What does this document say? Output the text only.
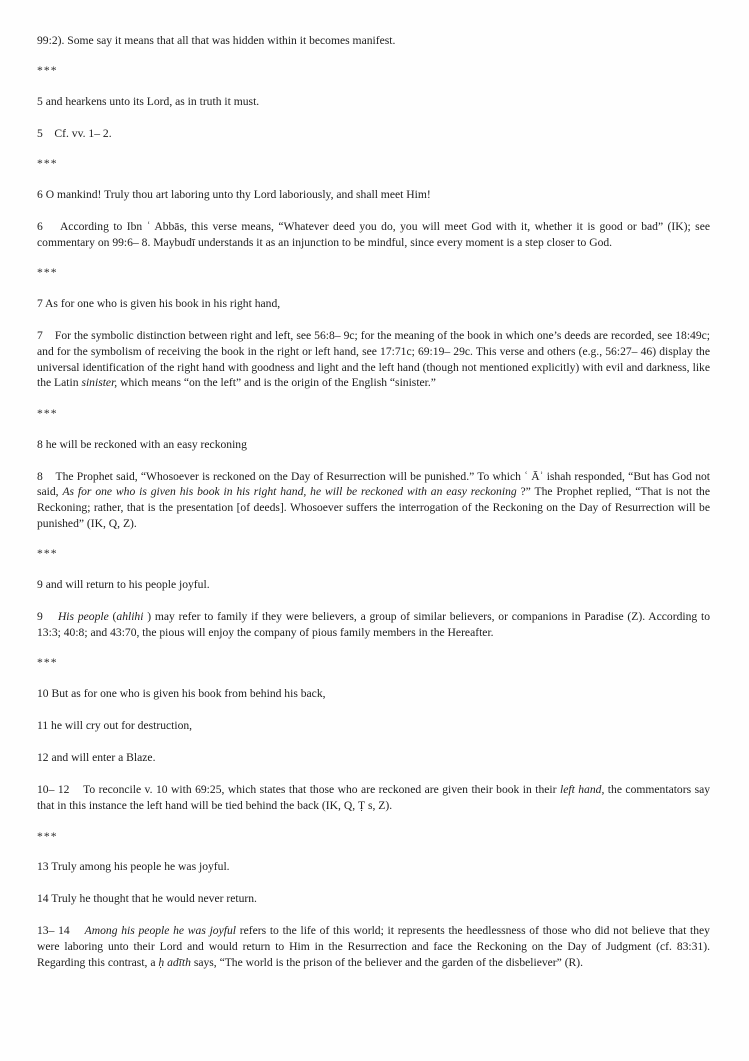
99:2). Some say it means that all that was hidden within it becomes manifest.

***

5 and hearkens unto its Lord, as in truth it must.

5 Cf. vv. 1– 2.

***

6 O mankind! Truly thou art laboring unto thy Lord laboriously, and shall meet Him!

6 According to Ibn ʿ Abbās, this verse means, “Whatever deed you do, you will meet God with it, whether it is good or bad” (IK); see commentary on 99:6– 8. Maybudī understands it as an injunction to be mindful, since every moment is a step closer to God.

***

7 As for one who is given his book in his right hand,

7 For the symbolic distinction between right and left, see 56:8– 9c; for the meaning of the book in which one’s deeds are recorded, see 18:49c; and for the symbolism of receiving the book in the right or left hand, see 17:71c; 69:19– 29c. This verse and others (e.g., 56:27– 46) display the universal identification of the right hand with goodness and light and the left hand (though not mentioned explicitly) with evil and darkness, like the Latin sinister, which means “on the left” and is the origin of the English “sinister.”

***

8 he will be reckoned with an easy reckoning

8 The Prophet said, “Whosoever is reckoned on the Day of Resurrection will be punished.” To which ʿ Āʾ ishah responded, “But has God not said, As for one who is given his book in his right hand, he will be reckoned with an easy reckoning ?” The Prophet replied, “That is not the Reckoning; rather, that is the presentation [of deeds]. Whosoever suffers the interrogation of the Reckoning on the Day of Resurrection will be punished” (IK, Q, Z).

***

9 and will return to his people joyful.

9 His people (ahlihi ) may refer to family if they were believers, a group of similar believers, or companions in Paradise (Z). According to 13:3; 40:8; and 43:70, the pious will enjoy the company of pious family members in the Hereafter.

***

10 But as for one who is given his book from behind his back,

11 he will cry out for destruction,

12 and will enter a Blaze.

10– 12 To reconcile v. 10 with 69:25, which states that those who are reckoned are given their book in their left hand, the commentators say that in this instance the left hand will be tied behind the back (IK, Q, Ṭ s, Z).

***

13 Truly among his people he was joyful.

14 Truly he thought that he would never return.

13– 14 Among his people he was joyful refers to the life of this world; it represents the heedlessness of those who did not believe that they were laboring unto their Lord and would return to Him in the Resurrection and face the Reckoning on the Day of Judgment (cf. 83:31). Regarding this contrast, a ḥ adīth says, “The world is the prison of the believer and the garden of the disbeliever” (R).
